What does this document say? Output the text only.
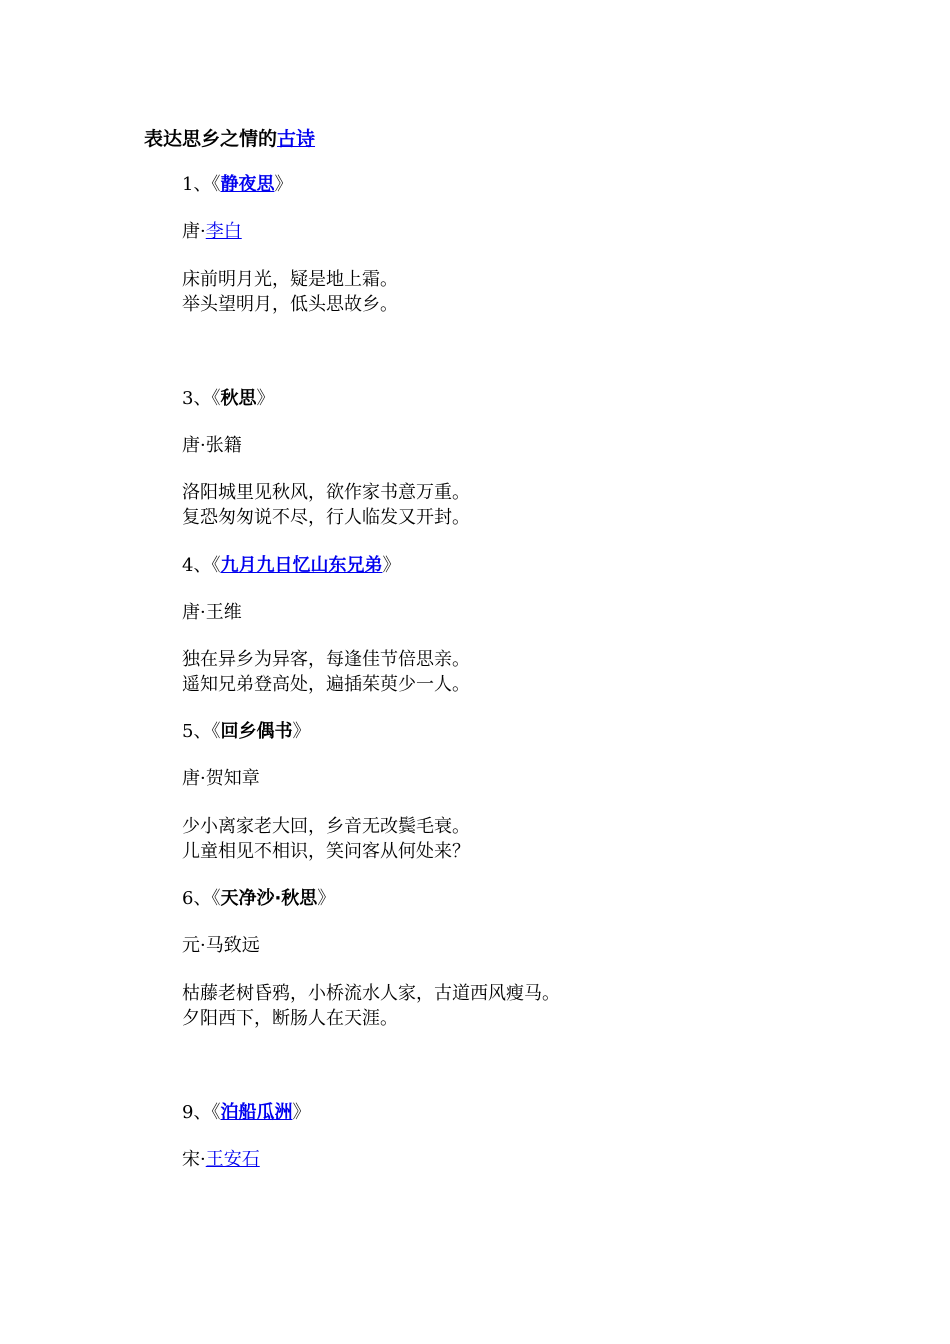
表达思乡之情的古诗
1、《静夜思》
唐·李白
床前明月光，疑是地上霜。
举头望明月，低头思故乡。
3、《秋思》
唐·张籍
洛阳城里见秋风，欲作家书意万重。
复恐匆匆说不尽，行人临发又开封。
4、《九月九日忆山东兄弟》
唐·王维
独在异乡为异客，每逢佳节倍思亲。
遥知兄弟登高处，遍插茱萸少一人。
5、《回乡偶书》
唐·贺知章
少小离家老大回，乡音无改鬓毛衰。
儿童相见不相识，笑问客从何处来？
6、《天净沙·秋思》
元·马致远
枯藤老树昏鸦，小桥流水人家，古道西风瘦马。
夕阳西下，断肠人在天涯。
9、《泊船瓜洲》
宋·王安石
